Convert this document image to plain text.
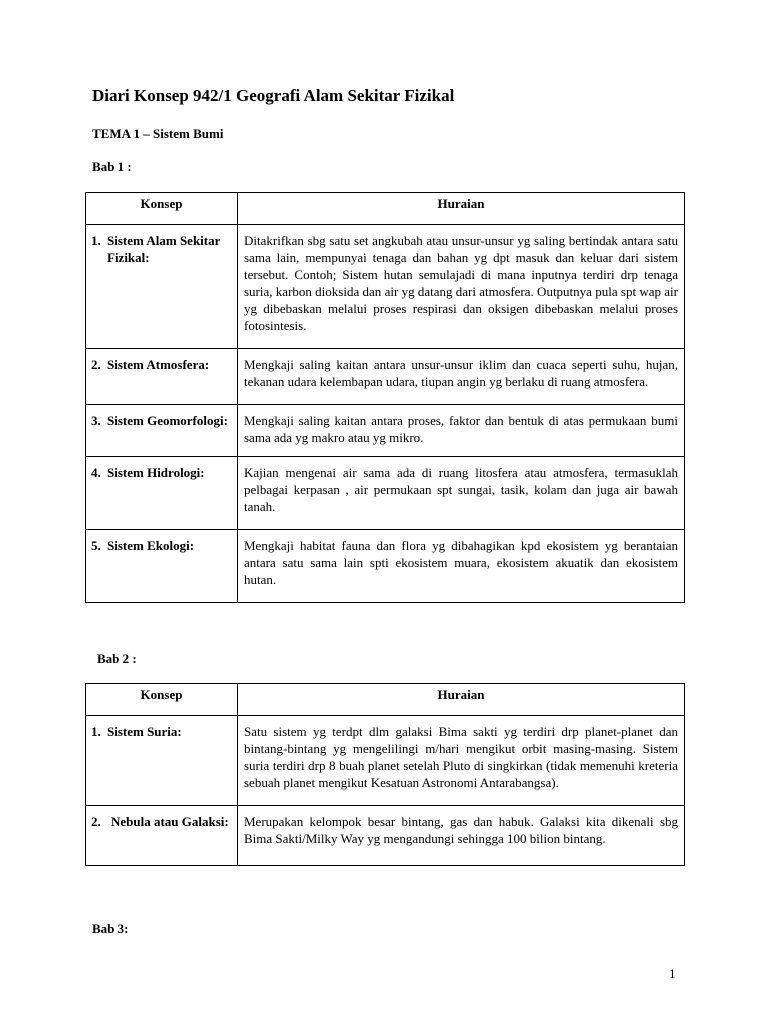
Diari Konsep 942/1 Geografi Alam Sekitar Fizikal
TEMA 1 – Sistem Bumi
Bab 1 :
Konsep	Huraian

1. Sistem Alam Sekitar Fizikal:	Ditakrifkan sbg satu set angkubah atau unsur-unsur yg saling bertindak antara satu sama lain, mempunyai tenaga dan bahan yg dpt masuk dan keluar dari sistem tersebut. Contoh; Sistem hutan semulajadi di mana inputnya terdiri drp tenaga suria, karbon dioksida dan air yg datang dari atmosfera. Outputnya pula spt wap air yg dibebaskan melalui proses respirasi dan oksigen dibebaskan melalui proses fotosintesis.

2. Sistem Atmosfera:	Mengkaji saling kaitan antara unsur-unsur iklim dan cuaca seperti suhu, hujan, tekanan udara kelembapan udara, tiupan angin yg berlaku di ruang atmosfera.

3. Sistem Geomorfologi:	Mengkaji saling kaitan antara proses, faktor dan bentuk di atas permukaan bumi sama ada yg makro atau yg mikro.

4. Sistem Hidrologi:	Kajian mengenai air sama ada di ruang litosfera atau atmosfera, termasuklah pelbagai kerpasan , air permukaan spt sungai, tasik, kolam dan juga air bawah tanah.

5. Sistem Ekologi:	Mengkaji habitat fauna dan flora yg dibahagikan kpd ekosistem yg berantaian antara satu sama lain spti ekosistem muara, ekosistem akuatik dan ekosistem hutan.
Bab 2 :
Konsep	Huraian

1. Sistem Suria:	Satu sistem yg terdpt dlm galaksi Bima sakti yg terdiri drp planet-planet dan bintang-bintang yg mengelilingi m/hari mengikut orbit masing-masing. Sistem suria terdiri drp 8 buah planet setelah Pluto di singkirkan (tidak memenuhi kreteria sebuah planet mengikut Kesatuan Astronomi Antarabangsa).

2. Nebula atau Galaksi:	Merupakan kelompok besar bintang, gas dan habuk. Galaksi kita dikenali sbg Bima Sakti/Milky Way yg mengandungi sehingga 100 bilion bintang.
Bab 3:
1
